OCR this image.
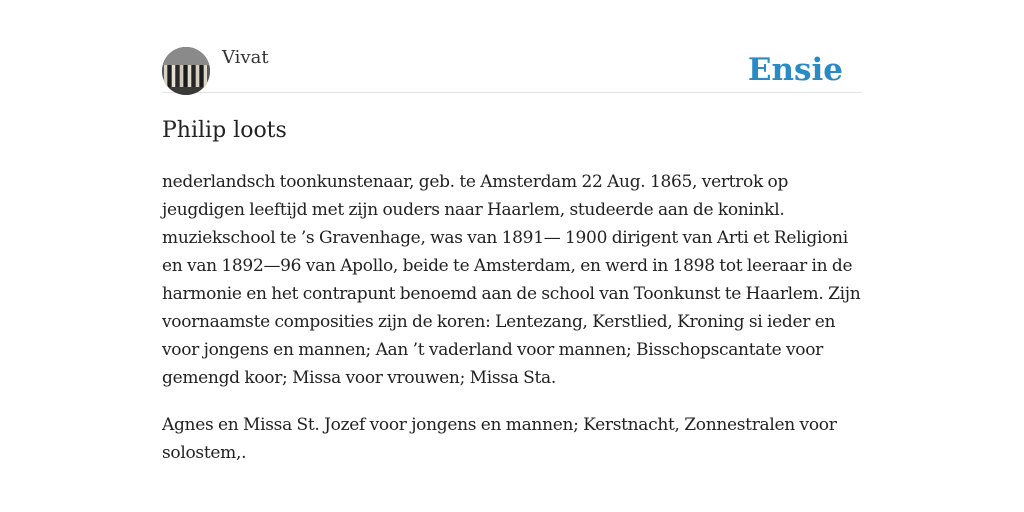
Vivat	Ensie
Philip loots

nederlandsch toonkunstenaar, geb. te Amsterdam 22 Aug. 1865, vertrok op jeugdigen leeftijd met zijn ouders naar Haarlem, studeerde aan de koninkl. muziekschool te ’s Gravenhage, was van 1891— 1900 dirigent van Arti et Religioni en van 1892—96 van Apollo, beide te Amsterdam, en werd in 1898 tot leeraar in de harmonie en het contrapunt benoemd aan de school van Toonkunst te Haarlem. Zijn voornaamste composities zijn de koren: Lentezang, Kerstlied, Kroning si ieder en voor jongens en mannen; Aan ’t vaderland voor mannen; Bisschopscantate voor gemengd koor; Missa voor vrouwen; Missa Sta.

Agnes en Missa St. Jozef voor jongens en mannen; Kerstnacht, Zonnestralen voor solostem,.
